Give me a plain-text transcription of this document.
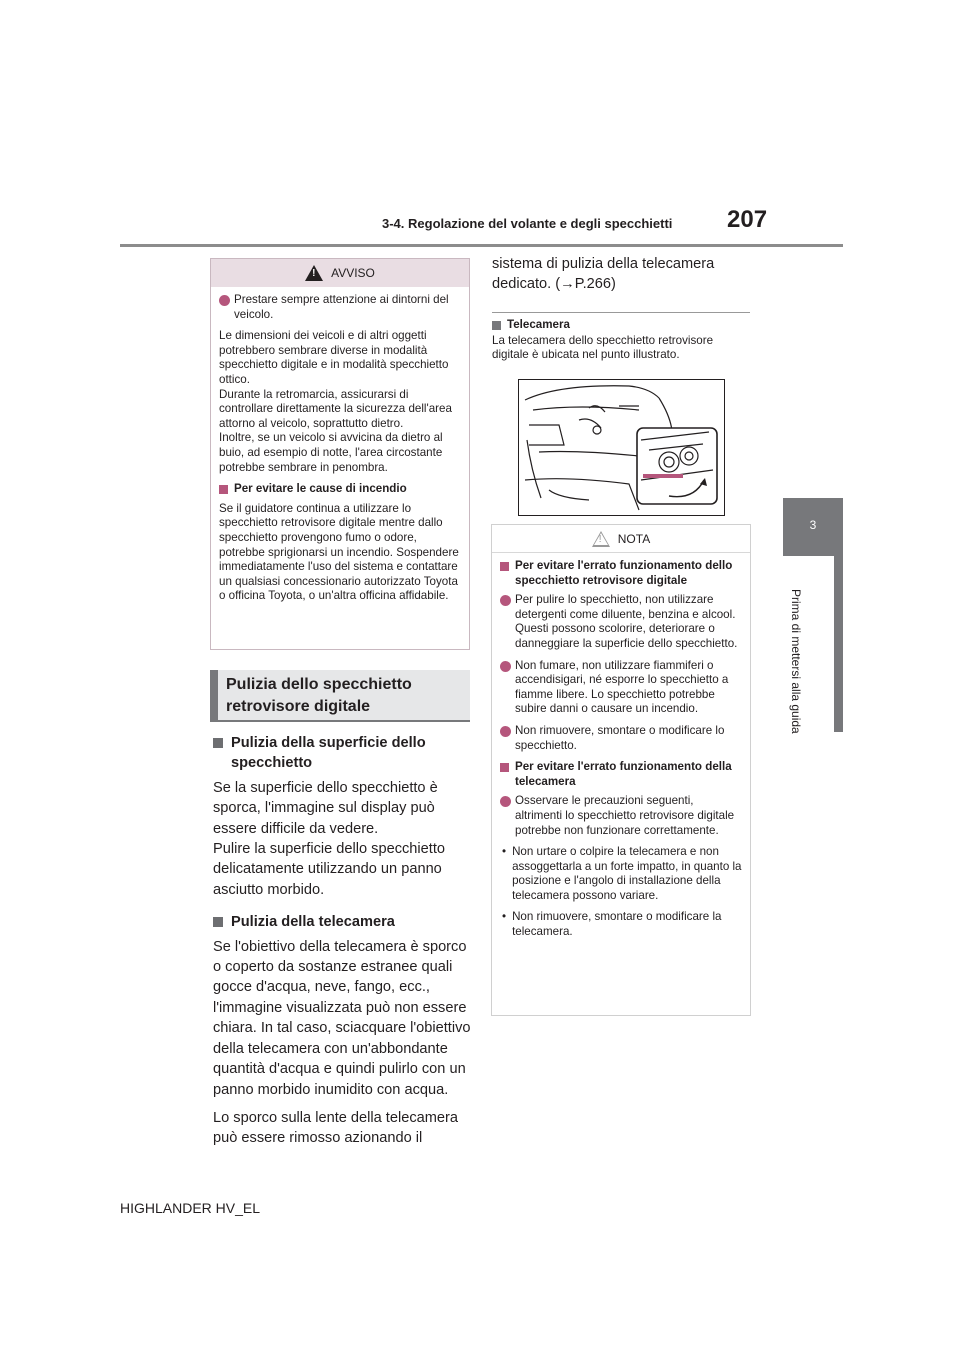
3-4. Regolazione del volante e degli specchietti 207
3
Prima di mettersi alla guida
! AVVISO
Prestare sempre attenzione ai dintorni del veicolo.

Le dimensioni dei veicoli e di altri oggetti potrebbero sembrare diverse in modalità specchietto digitale e in modalità specchietto ottico.

Durante la retromarcia, assicurarsi di controllare direttamente la sicurezza dell'area attorno al veicolo, soprattutto dietro.

Inoltre, se un veicolo si avvicina da dietro al buio, ad esempio di notte, l'area circostante potrebbe sembrare in penombra.

Per evitare le cause di incendio

Se il guidatore continua a utilizzare lo specchietto retrovisore digitale mentre dallo specchietto provengono fumo o odore, potrebbe sprigionarsi un incendio. Sospendere immediatamente l'uso del sistema e contattare un qualsiasi concessionario autorizzato Toyota o officina Toyota, o un'altra officina affidabile.

Pulizia dello specchietto retrovisore digitale
Pulizia della superficie dello specchietto

Se la superficie dello specchietto è sporca, l'immagine sul display può essere difficile da vedere.

Pulire la superficie dello specchietto delicatamente utilizzando un panno asciutto morbido.

Pulizia della telecamera

Se l'obiettivo della telecamera è sporco o coperto da sostanze estranee quali gocce d'acqua, neve, fango, ecc., l'immagine visualizzata può non essere chiara. In tal caso, sciacquare l'obiettivo della telecamera con un'abbondante quantità d'acqua e quindi pulirlo con un panno morbido inumidito con acqua.

Lo sporco sulla lente della telecamera può essere rimosso azionando il

sistema di pulizia della telecamera dedicato. (→P.266)
Telecamera
La telecamera dello specchietto retrovisore digitale è ubicata nel punto illustrato.
! NOTA
Per evitare l'errato funzionamento dello specchietto retrovisore digitale
Per pulire lo specchietto, non utilizzare detergenti come diluente, benzina e alcool. Questi possono scolorire, deteriorare o danneggiare la superficie dello specchietto.
Non fumare, non utilizzare fiammiferi o accendisigari, né esporre lo specchietto a fiamme libere. Lo specchietto potrebbe subire danni o causare un incendio.
Non rimuovere, smontare o modificare lo specchietto.
Per evitare l'errato funzionamento della telecamera
Osservare le precauzioni seguenti, altrimenti lo specchietto retrovisore digitale potrebbe non funzionare correttamente.
• Non urtare o colpire la telecamera e non assoggettarla a un forte impatto, in quanto la posizione e l'angolo di installazione della telecamera possono variare.
• Non rimuovere, smontare o modificare la telecamera.
HIGHLANDER HV_EL
